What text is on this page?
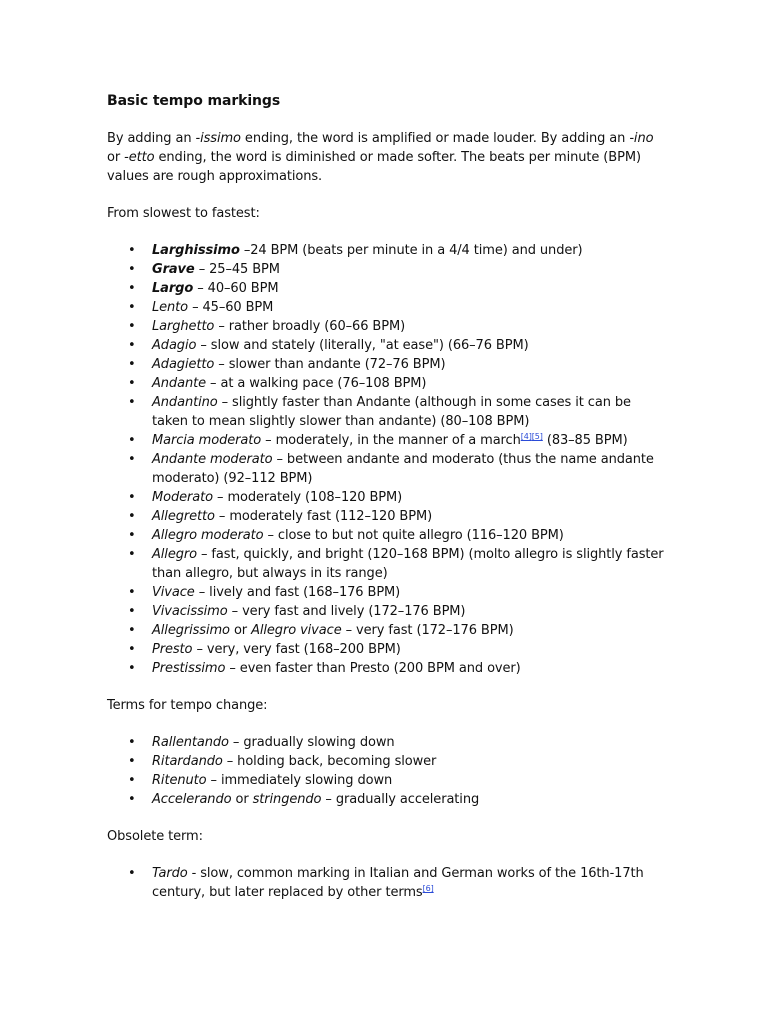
Basic tempo markings

By adding an -issimo ending, the word is amplified or made louder. By adding an -ino or -etto ending, the word is diminished or made softer. The beats per minute (BPM) values are rough approximations.

From slowest to fastest:

• Larghissimo –24 BPM (beats per minute in a 4/4 time) and under)
• Grave – 25–45 BPM
• Largo – 40–60 BPM
• Lento – 45–60 BPM
• Larghetto – rather broadly (60–66 BPM)
• Adagio – slow and stately (literally, "at ease") (66–76 BPM)
• Adagietto – slower than andante (72–76 BPM)
• Andante – at a walking pace (76–108 BPM)
• Andantino – slightly faster than Andante (although in some cases it can be taken to mean slightly slower than andante) (80–108 BPM)
• Marcia moderato – moderately, in the manner of a march[4][5] (83–85 BPM)
• Andante moderato – between andante and moderato (thus the name andante moderato) (92–112 BPM)
• Moderato – moderately (108–120 BPM)
• Allegretto – moderately fast (112–120 BPM)
• Allegro moderato – close to but not quite allegro (116–120 BPM)
• Allegro – fast, quickly, and bright (120–168 BPM) (molto allegro is slightly faster than allegro, but always in its range)
• Vivace – lively and fast (168–176 BPM)
• Vivacissimo – very fast and lively (172–176 BPM)
• Allegrissimo or Allegro vivace – very fast (172–176 BPM)
• Presto – very, very fast (168–200 BPM)
• Prestissimo – even faster than Presto (200 BPM and over)

Terms for tempo change:

• Rallentando – gradually slowing down
• Ritardando – holding back, becoming slower
• Ritenuto – immediately slowing down
• Accelerando or stringendo – gradually accelerating

Obsolete term:

• Tardo - slow, common marking in Italian and German works of the 16th-17th century, but later replaced by other terms[6]
